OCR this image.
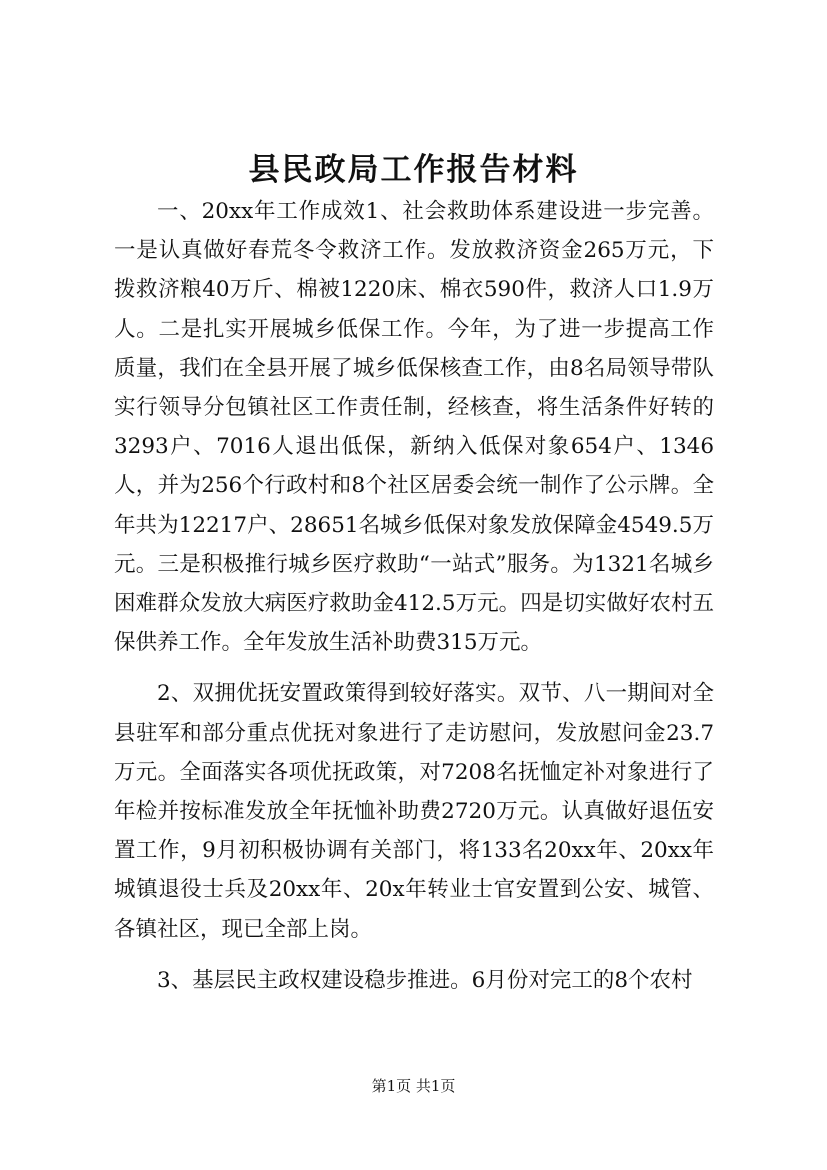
县民政局工作报告材料

一、20xx年工作成效1、社会救助体系建设进一步完善。一是认真做好春荒冬令救济工作。发放救济资金265万元，下拨救济粮40万斤、棉被1220床、棉衣590件，救济人口1.9万人。二是扎实开展城乡低保工作。今年，为了进一步提高工作质量，我们在全县开展了城乡低保核查工作，由8名局领导带队实行领导分包镇社区工作责任制，经核查，将生活条件好转的3293户、7016人退出低保，新纳入低保对象654户、1346人，并为256个行政村和8个社区居委会统一制作了公示牌。全年共为12217户、28651名城乡低保对象发放保障金4549.5万元。三是积极推行城乡医疗救助“一站式”服务。为1321名城乡困难群众发放大病医疗救助金412.5万元。四是切实做好农村五保供养工作。全年发放生活补助费315万元。

2、双拥优抚安置政策得到较好落实。双节、八一期间对全县驻军和部分重点优抚对象进行了走访慰问，发放慰问金23.7万元。全面落实各项优抚政策，对7208名抚恤定补对象进行了年检并按标准发放全年抚恤补助费2720万元。认真做好退伍安置工作，9月初积极协调有关部门，将133名20xx年、20xx年城镇退役士兵及20xx年、20x年转业士官安置到公安、城管、各镇社区，现已全部上岗。

3、基层民主政权建设稳步推进。6月份对完工的8个农村

第1页 共1页
